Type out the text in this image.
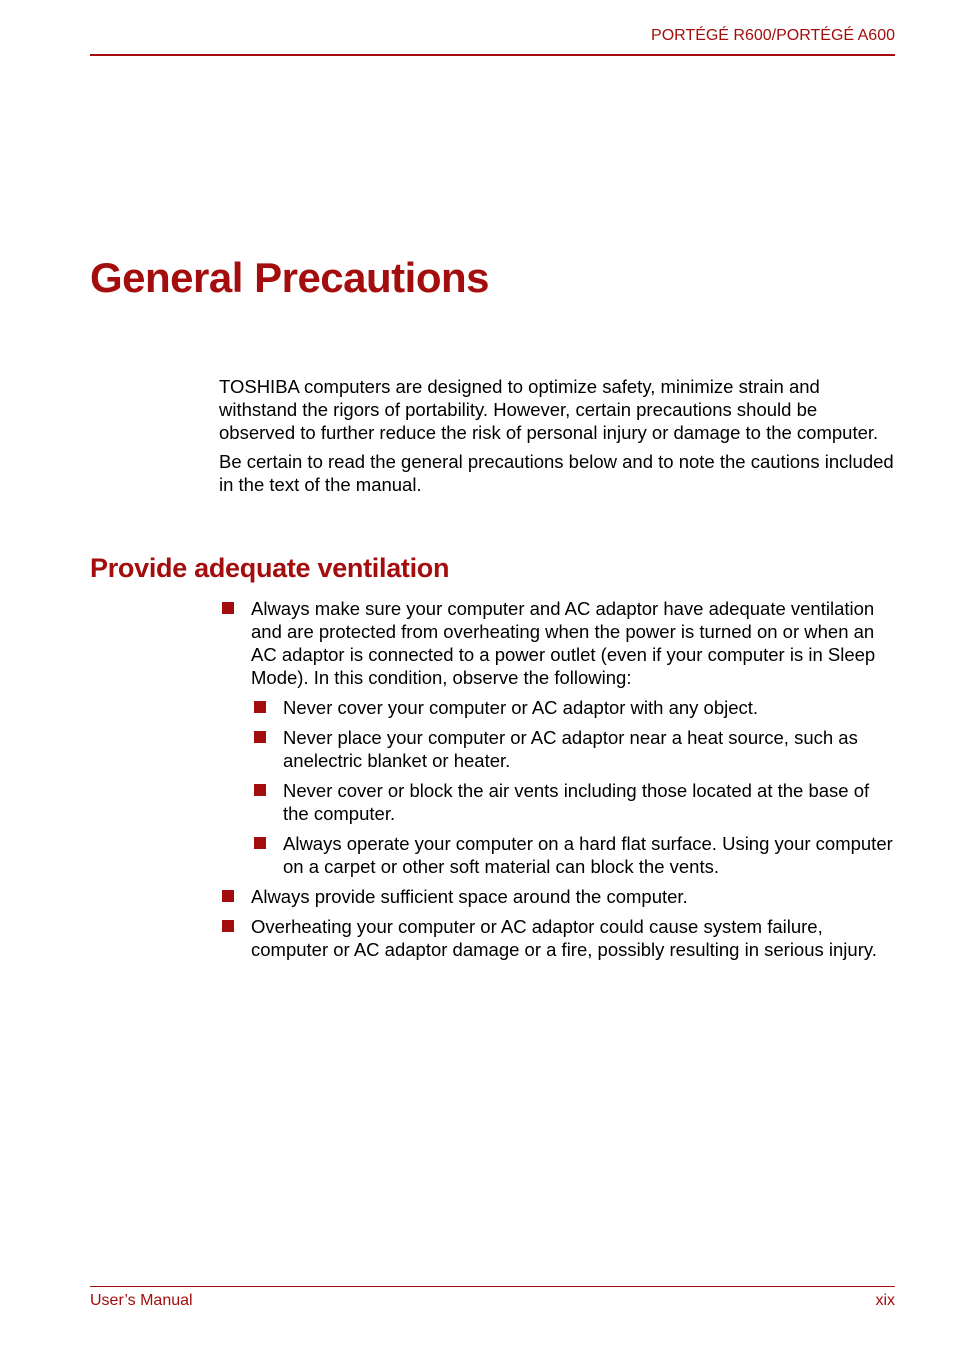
PORTÉGÉ R600/PORTÉGÉ A600
General Precautions

TOSHIBA computers are designed to optimize safety, minimize strain and withstand the rigors of portability. However, certain precautions should be observed to further reduce the risk of personal injury or damage to the computer.

Be certain to read the general precautions below and to note the cautions included in the text of the manual.

Provide adequate ventilation
Always make sure your computer and AC adaptor have adequate ventilation and are protected from overheating when the power is turned on or when an AC adaptor is connected to a power outlet (even if your computer is in Sleep Mode). In this condition, observe the following:
Never cover your computer or AC adaptor with any object.
Never place your computer or AC adaptor near a heat source, such as anelectric blanket or heater.
Never cover or block the air vents including those located at the base of the computer.
Always operate your computer on a hard flat surface. Using your computer on a carpet or other soft material can block the vents.
Always provide sufficient space around the computer.
Overheating your computer or AC adaptor could cause system failure, computer or AC adaptor damage or a fire, possibly resulting in serious injury.
User’s Manual	xix
